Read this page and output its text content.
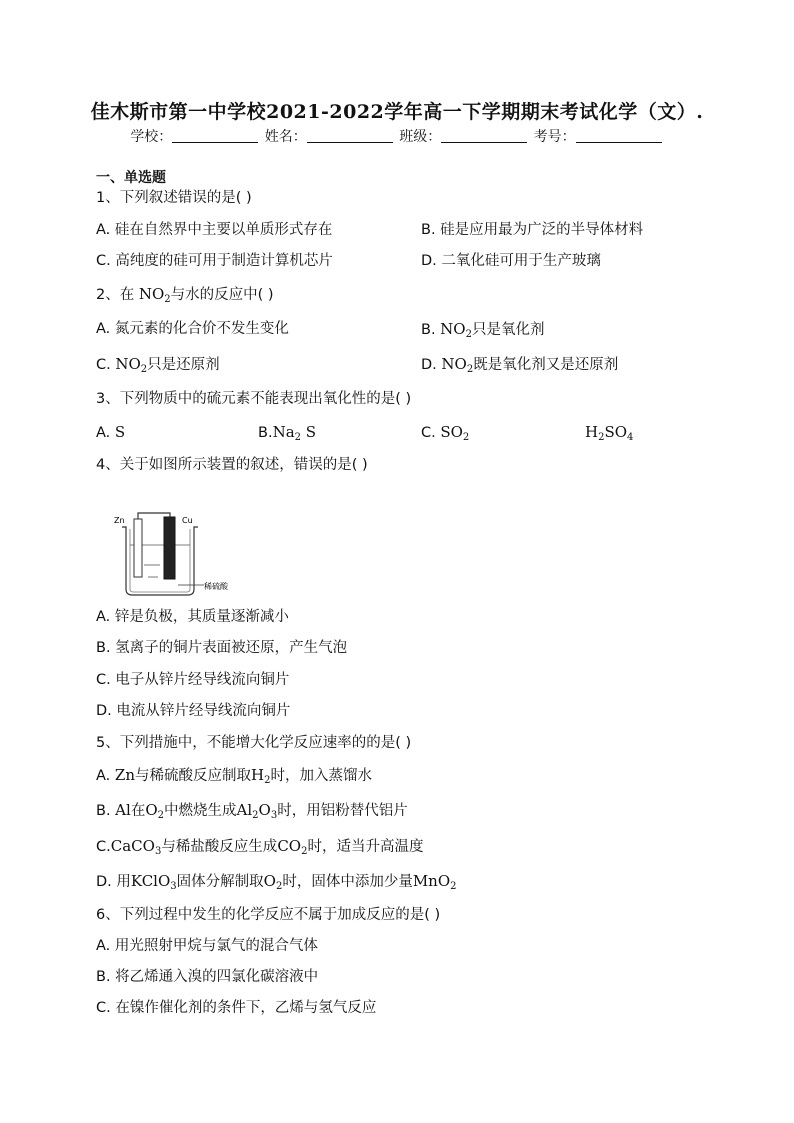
佳木斯市第一中学校2021-2022学年高一下学期期末考试化学（文）.
学校：	姓名：	班级：	考号：
一、单选题
1、下列叙述错误的是( )
A. 硅在自然界中主要以单质形式存在	B. 硅是应用最为广泛的半导体材料
C. 高纯度的硅可用于制造计算机芯片	D. 二氧化硅可用于生产玻璃
2、在 $NO_2$与水的反应中( )
A. 氮元素的化合价不发生变化	B. $NO_2$只是氧化剂
C. $NO_2$只是还原剂	D. $NO_2$既是氧化剂又是还原剂
3、下列物质中的硫元素不能表现出氧化性的是( )
A. S	$B.Na_2$ S	C. $SO_2$	$H_2SO_4$
4、关于如图所示装置的叙述，错误的是( )
Zn	Cu
稀硫酸
A. 锌是负极，其质量逐渐减小
B. 氢离子的铜片表面被还原，产生气泡
C. 电子从锌片经导线流向铜片
D. 电流从锌片经导线流向铜片
5、下列措施中，不能增大化学反应速率的的是( )
A. Zn与稀硫酸反应制取$H_2$时，加入蒸馏水
B. Al在$O_2$中燃烧生成$Al_2O_3$时，用铝粉替代铝片
C.CaCO$_3$与稀盐酸反应生成$CO_2$时，适当升高温度
D. 用KClO$_3$固体分解制取$O_2$时，固体中添加少量MnO$_2$
6、下列过程中发生的化学反应不属于加成反应的是( )
A. 用光照射甲烷与氯气的混合气体
B. 将乙烯通入溴的四氯化碳溶液中
C. 在镍作催化剂的条件下，乙烯与氢气反应
